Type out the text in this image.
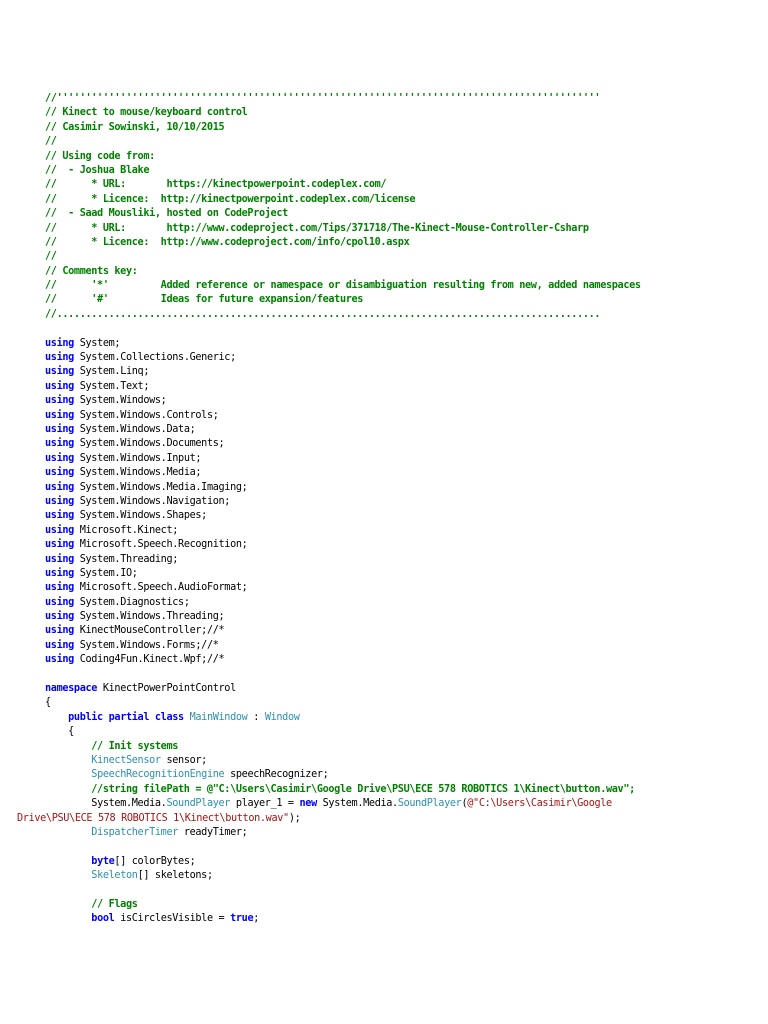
//''''''''''''''''''''''''''''''''''''''''''''''''''''''''''''''''''''''''''''''''''''''''''''''
// Kinect to mouse/keyboard control
// Casimir Sowinski, 10/10/2015
//
// Using code from:
//  - Joshua Blake
//      * URL:       https://kinectpowerpoint.codeplex.com/
//      * Licence:  http://kinectpowerpoint.codeplex.com/license
//  - Saad Mousliki, hosted on CodeProject
//      * URL:       http://www.codeproject.com/Tips/371718/The-Kinect-Mouse-Controller-Csharp
//      * Licence:  http://www.codeproject.com/info/cpol10.aspx
//
// Comments key:
//      '*'         Added reference or namespace or disambiguation resulting from new, added namespaces
//      '#'         Ideas for future expansion/features
//..............................................................................................
using System;
using System.Collections.Generic;
using System.Linq;
using System.Text;
using System.Windows;
using System.Windows.Controls;
using System.Windows.Data;
using System.Windows.Documents;
using System.Windows.Input;
using System.Windows.Media;
using System.Windows.Media.Imaging;
using System.Windows.Navigation;
using System.Windows.Shapes;
using Microsoft.Kinect;
using Microsoft.Speech.Recognition;
using System.Threading;
using System.IO;
using Microsoft.Speech.AudioFormat;
using System.Diagnostics;
using System.Windows.Threading;
using KinectMouseController;//*
using System.Windows.Forms;//*
using Coding4Fun.Kinect.Wpf;//*
namespace KinectPowerPointControl
{
public partial class MainWindow : Window
{
// Init systems
KinectSensor sensor;
SpeechRecognitionEngine speechRecognizer;
//string filePath = @"C:\Users\Casimir\Google Drive\PSU\ECE 578 ROBOTICS 1\Kinect\button.wav";
System.Media.SoundPlayer player_1 = new System.Media.SoundPlayer(@"C:\Users\Casimir\Google
Drive\PSU\ECE 578 ROBOTICS 1\Kinect\button.wav");
DispatcherTimer readyTimer;
byte[] colorBytes;
Skeleton[] skeletons;
// Flags
bool isCirclesVisible = true;
